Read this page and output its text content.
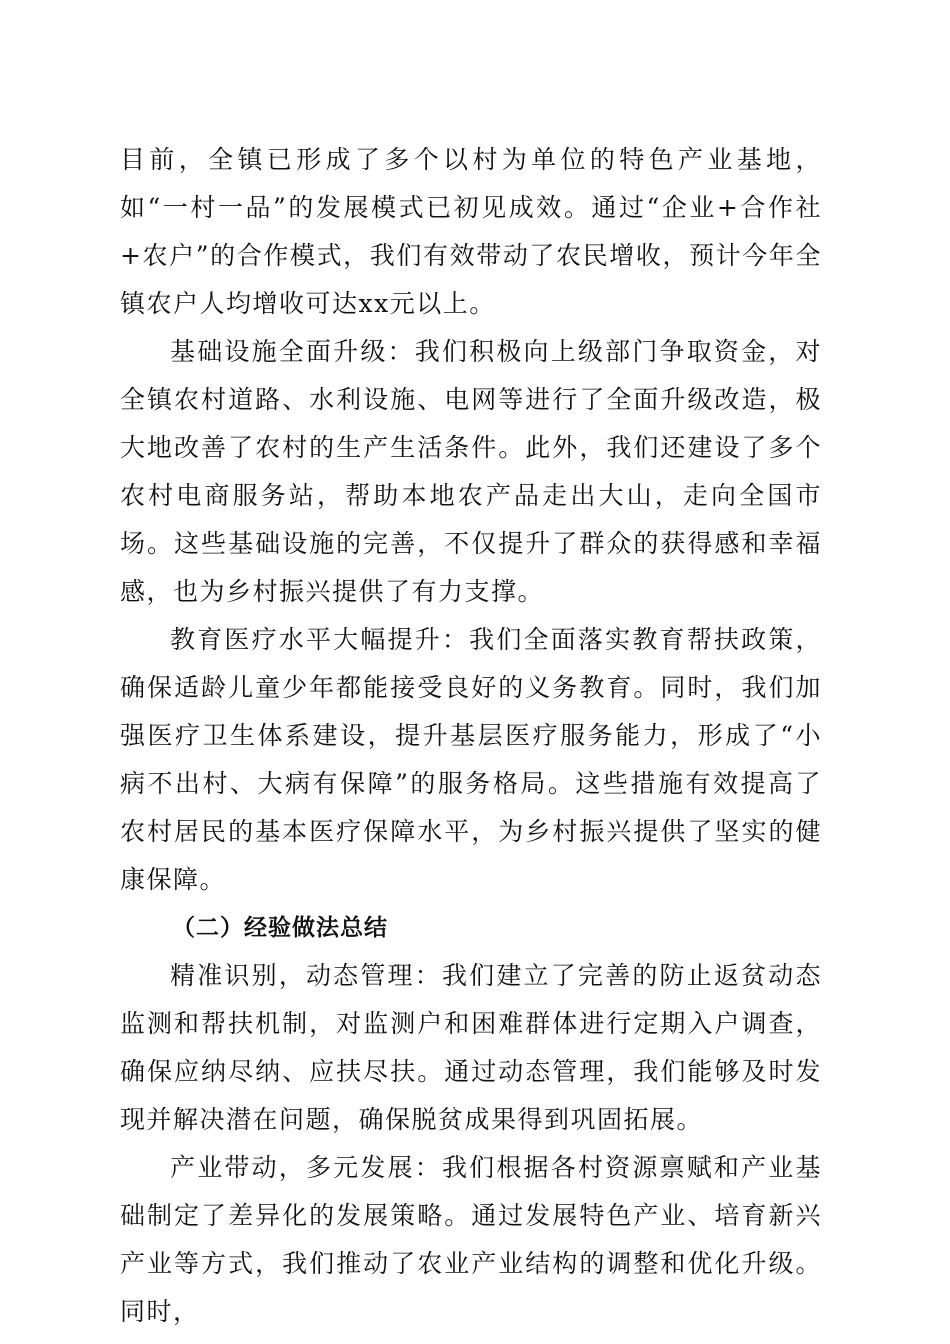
目前，全镇已形成了多个以村为单位的特色产业基地，如“一村一品”的发展模式已初见成效。通过“企业+合作社+农户”的合作模式，我们有效带动了农民增收，预计今年全镇农户人均增收可达xx元以上。

基础设施全面升级：我们积极向上级部门争取资金，对全镇农村道路、水利设施、电网等进行了全面升级改造，极大地改善了农村的生产生活条件。此外，我们还建设了多个农村电商服务站，帮助本地农产品走出大山，走向全国市场。这些基础设施的完善，不仅提升了群众的获得感和幸福感，也为乡村振兴提供了有力支撑。

教育医疗水平大幅提升：我们全面落实教育帮扶政策，确保适龄儿童少年都能接受良好的义务教育。同时，我们加强医疗卫生体系建设，提升基层医疗服务能力，形成了“小病不出村、大病有保障”的服务格局。这些措施有效提高了农村居民的基本医疗保障水平，为乡村振兴提供了坚实的健康保障。

（二）经验做法总结

精准识别，动态管理：我们建立了完善的防止返贫动态监测和帮扶机制，对监测户和困难群体进行定期入户调查，确保应纳尽纳、应扶尽扶。通过动态管理，我们能够及时发现并解决潜在问题，确保脱贫成果得到巩固拓展。

产业带动，多元发展：我们根据各村资源禀赋和产业基础制定了差异化的发展策略。通过发展特色产业、培育新兴产业等方式，我们推动了农业产业结构的调整和优化升级。同时，
